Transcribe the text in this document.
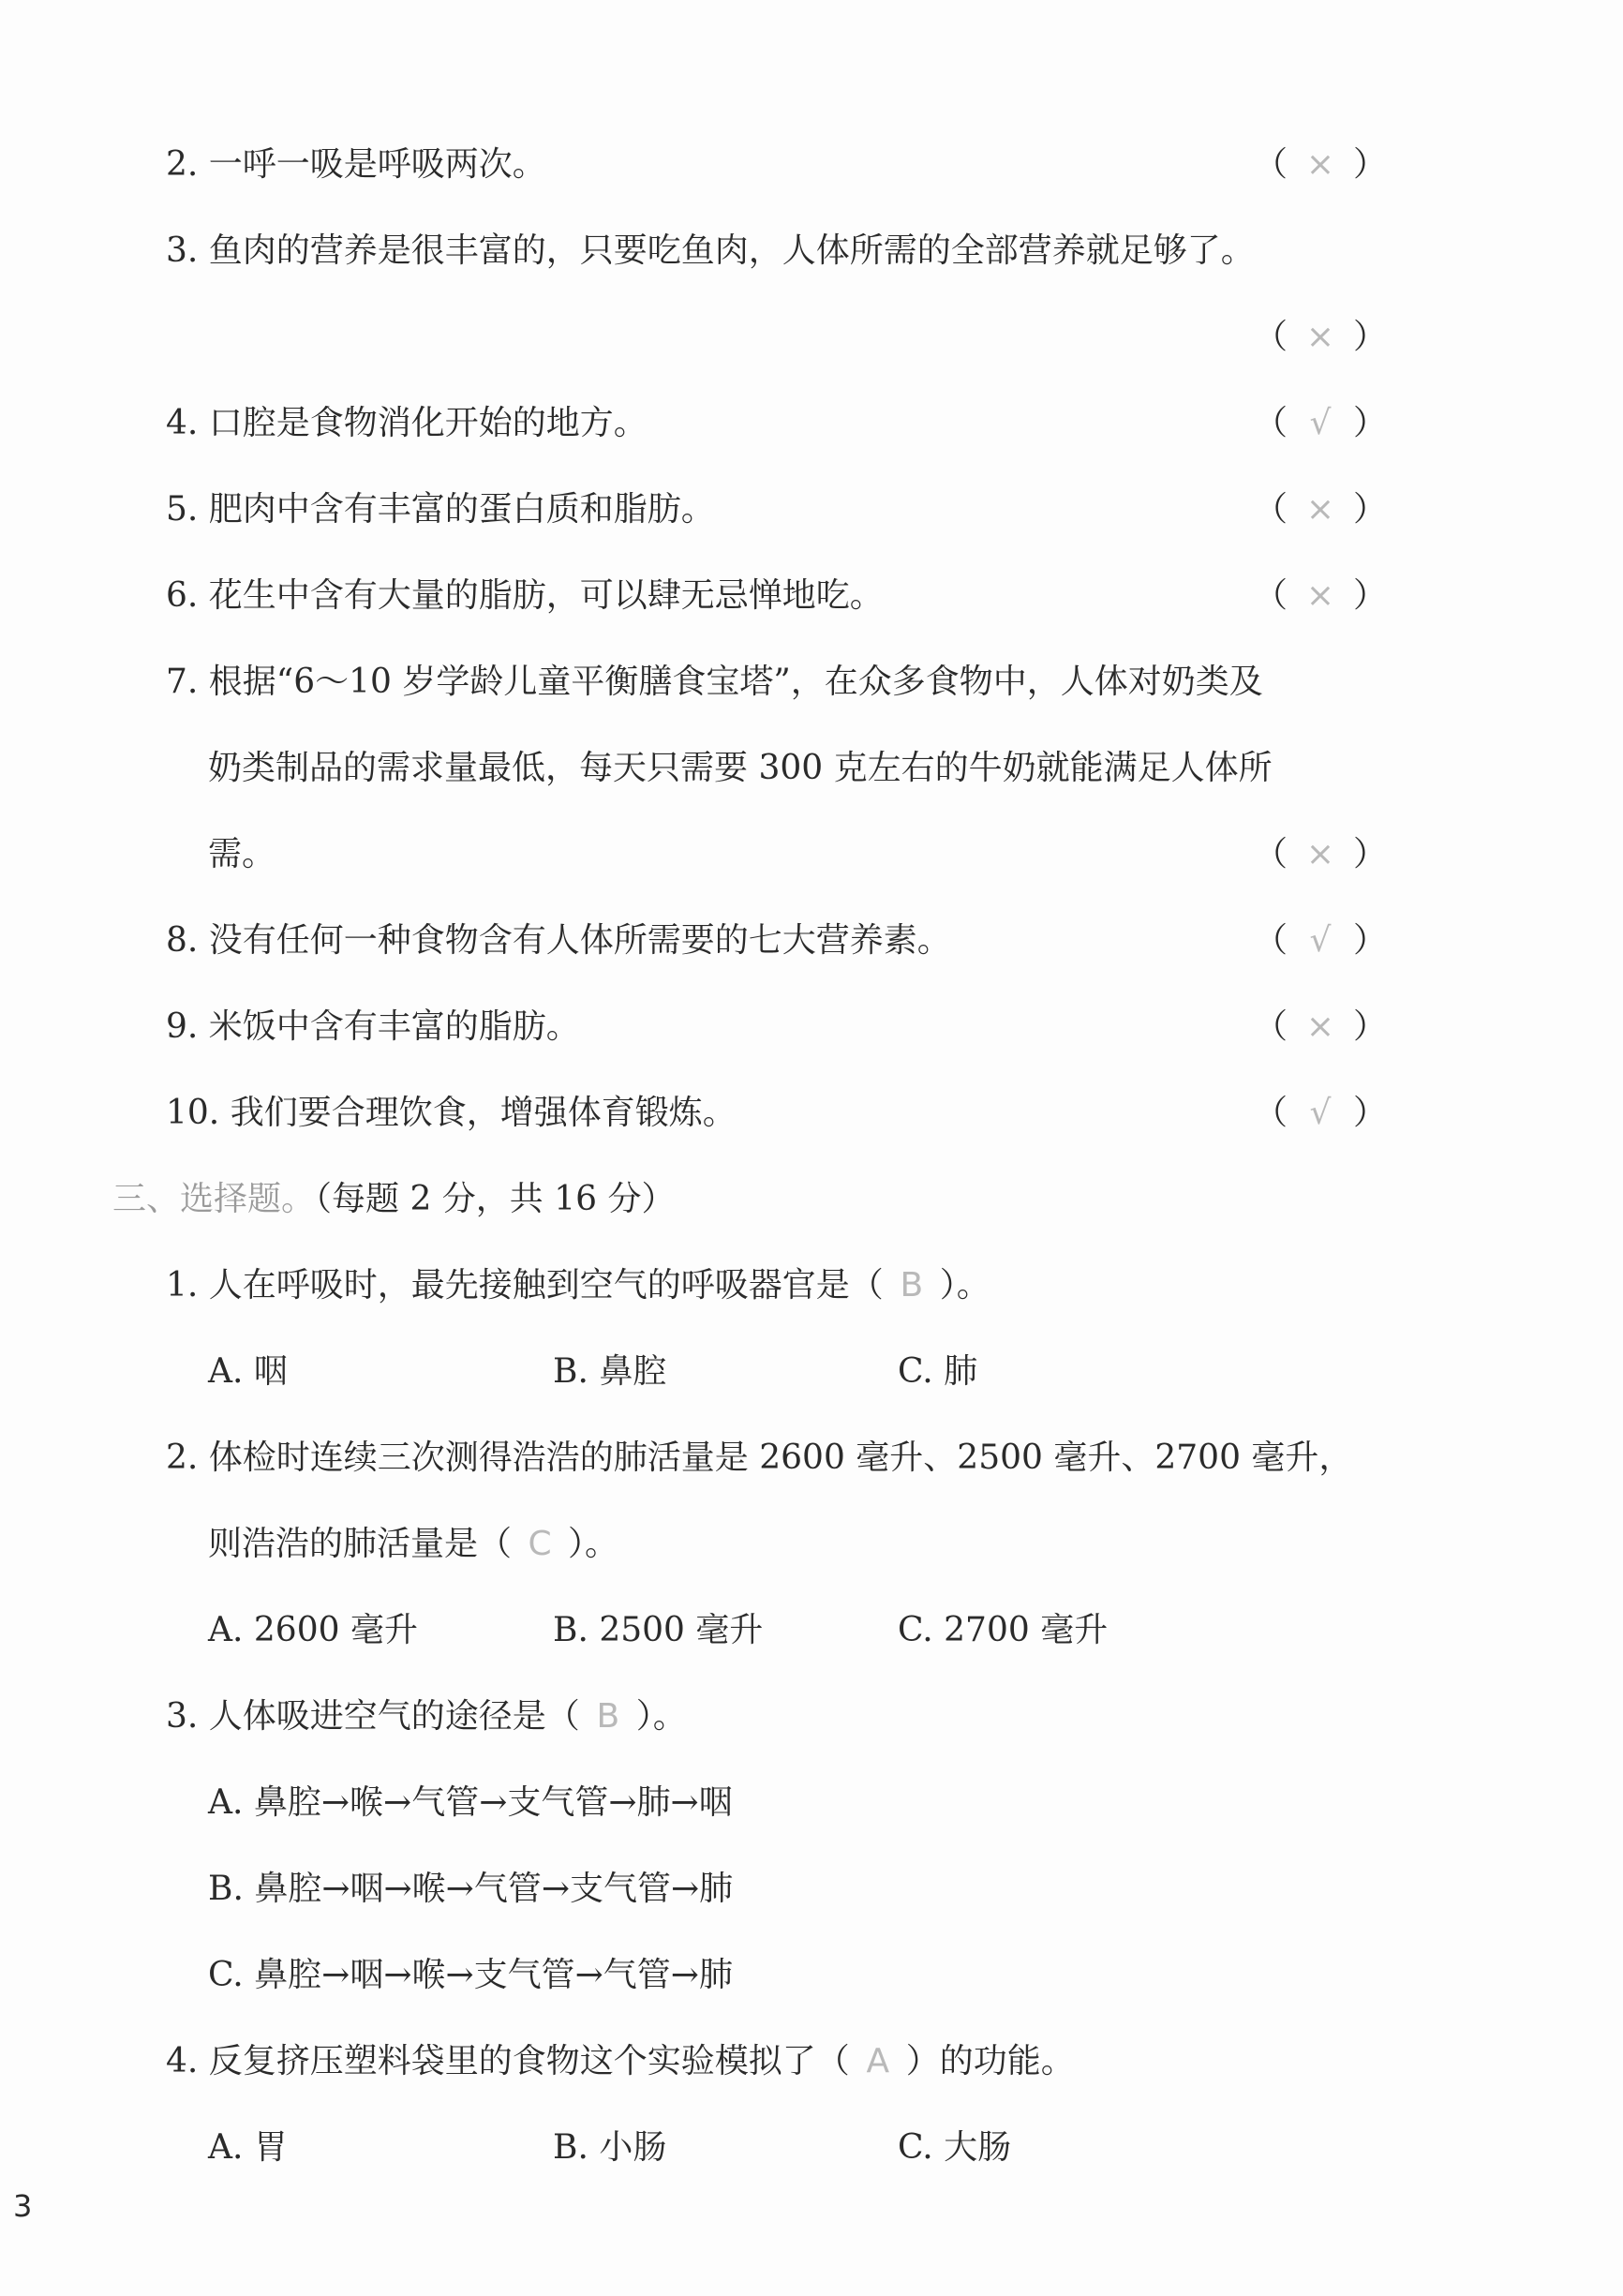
2. 一呼一吸是呼吸两次。	（ × ）
3. 鱼肉的营养是很丰富的，只要吃鱼肉，人体所需的全部营养就足够了。
（ × ）
4. 口腔是食物消化开始的地方。	（ √ ）
5. 肥肉中含有丰富的蛋白质和脂肪。	（ × ）
6. 花生中含有大量的脂肪，可以肆无忌惮地吃。	（ × ）
7. 根据“6～10 岁学龄儿童平衡膳食宝塔”，在众多食物中，人体对奶类及
奶类制品的需求量最低，每天只需要 300 克左右的牛奶就能满足人体所
需。	（ × ）
8. 没有任何一种食物含有人体所需要的七大营养素。	（ √ ）
9. 米饭中含有丰富的脂肪。	（ × ）
10. 我们要合理饮食，增强体育锻炼。	（ √ ）
三、选择题。（每题 2 分，共 16 分）
1. 人在呼吸时，最先接触到空气的呼吸器官是（ B ）。
A. 咽	B. 鼻腔	C. 肺
2. 体检时连续三次测得浩浩的肺活量是 2600 毫升、2500 毫升、2700 毫升，
则浩浩的肺活量是（ C ）。
A. 2600 毫升	B. 2500 毫升	C. 2700 毫升
3. 人体吸进空气的途径是（ B ）。
A. 鼻腔→喉→气管→支气管→肺→咽
B. 鼻腔→咽→喉→气管→支气管→肺
C. 鼻腔→咽→喉→支气管→气管→肺
4. 反复挤压塑料袋里的食物这个实验模拟了（ A ）的功能。
A. 胃	B. 小肠	C. 大肠
3
